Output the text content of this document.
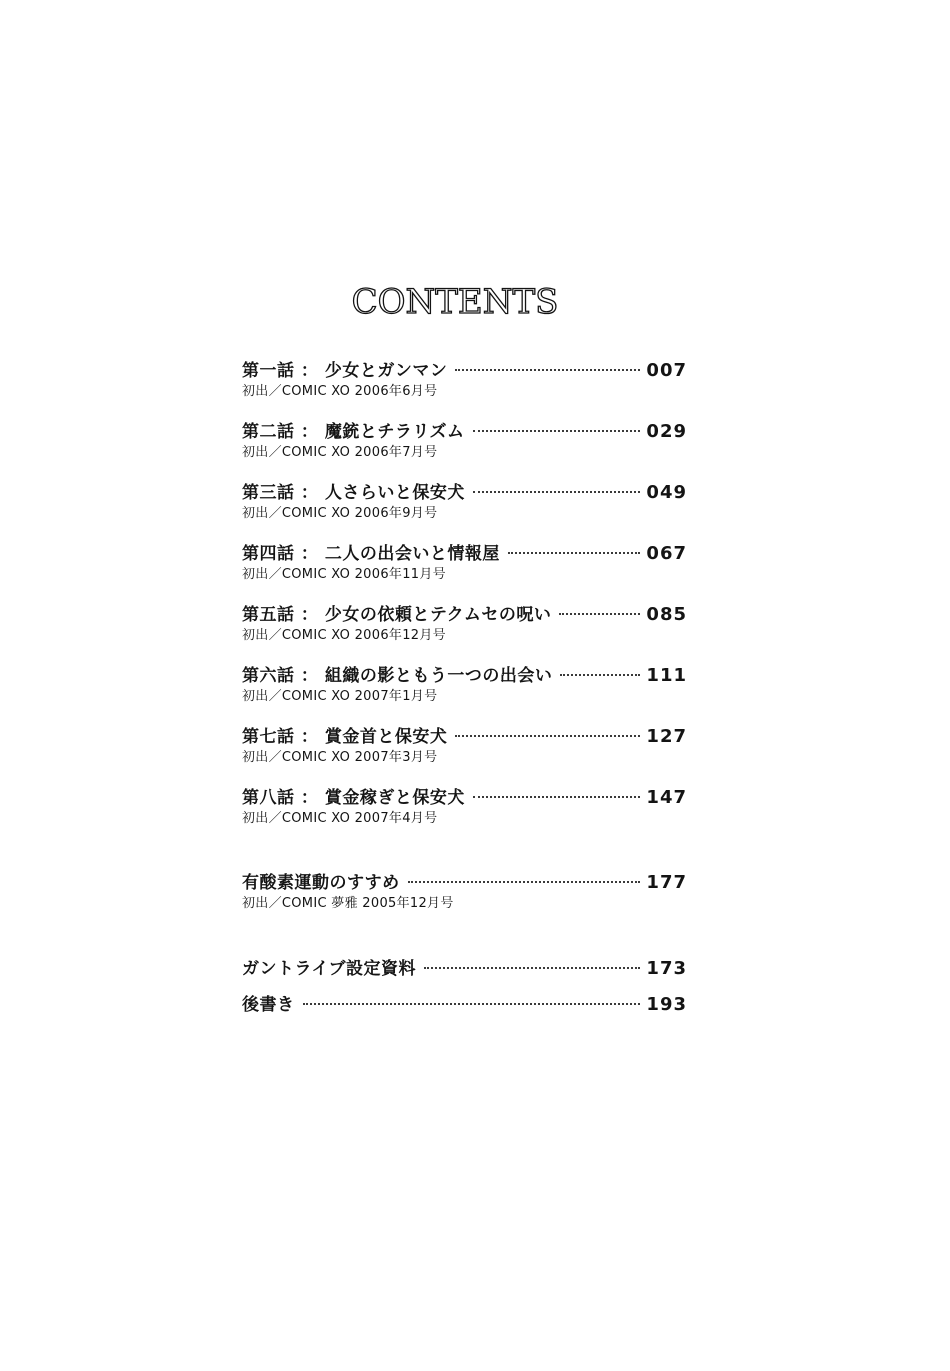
CONTENTS
第一話 ： 少女とガンマン	007
初出／COMIC XO 2006年6月号
第二話 ： 魔銃とチラリズム	029
初出／COMIC XO 2006年7月号
第三話 ： 人さらいと保安犬	049
初出／COMIC XO 2006年9月号
第四話 ： 二人の出会いと情報屋	067
初出／COMIC XO 2006年11月号
第五話 ： 少女の依頼とテクムセの呪い	085
初出／COMIC XO 2006年12月号
第六話 ： 組織の影ともう一つの出会い	111
初出／COMIC XO 2007年1月号
第七話 ： 賞金首と保安犬	127
初出／COMIC XO 2007年3月号
第八話 ： 賞金稼ぎと保安犬	147
初出／COMIC XO 2007年4月号
有酸素運動のすすめ	177
初出／COMIC 夢雅 2005年12月号
ガントライブ設定資料	173
後書き	193
